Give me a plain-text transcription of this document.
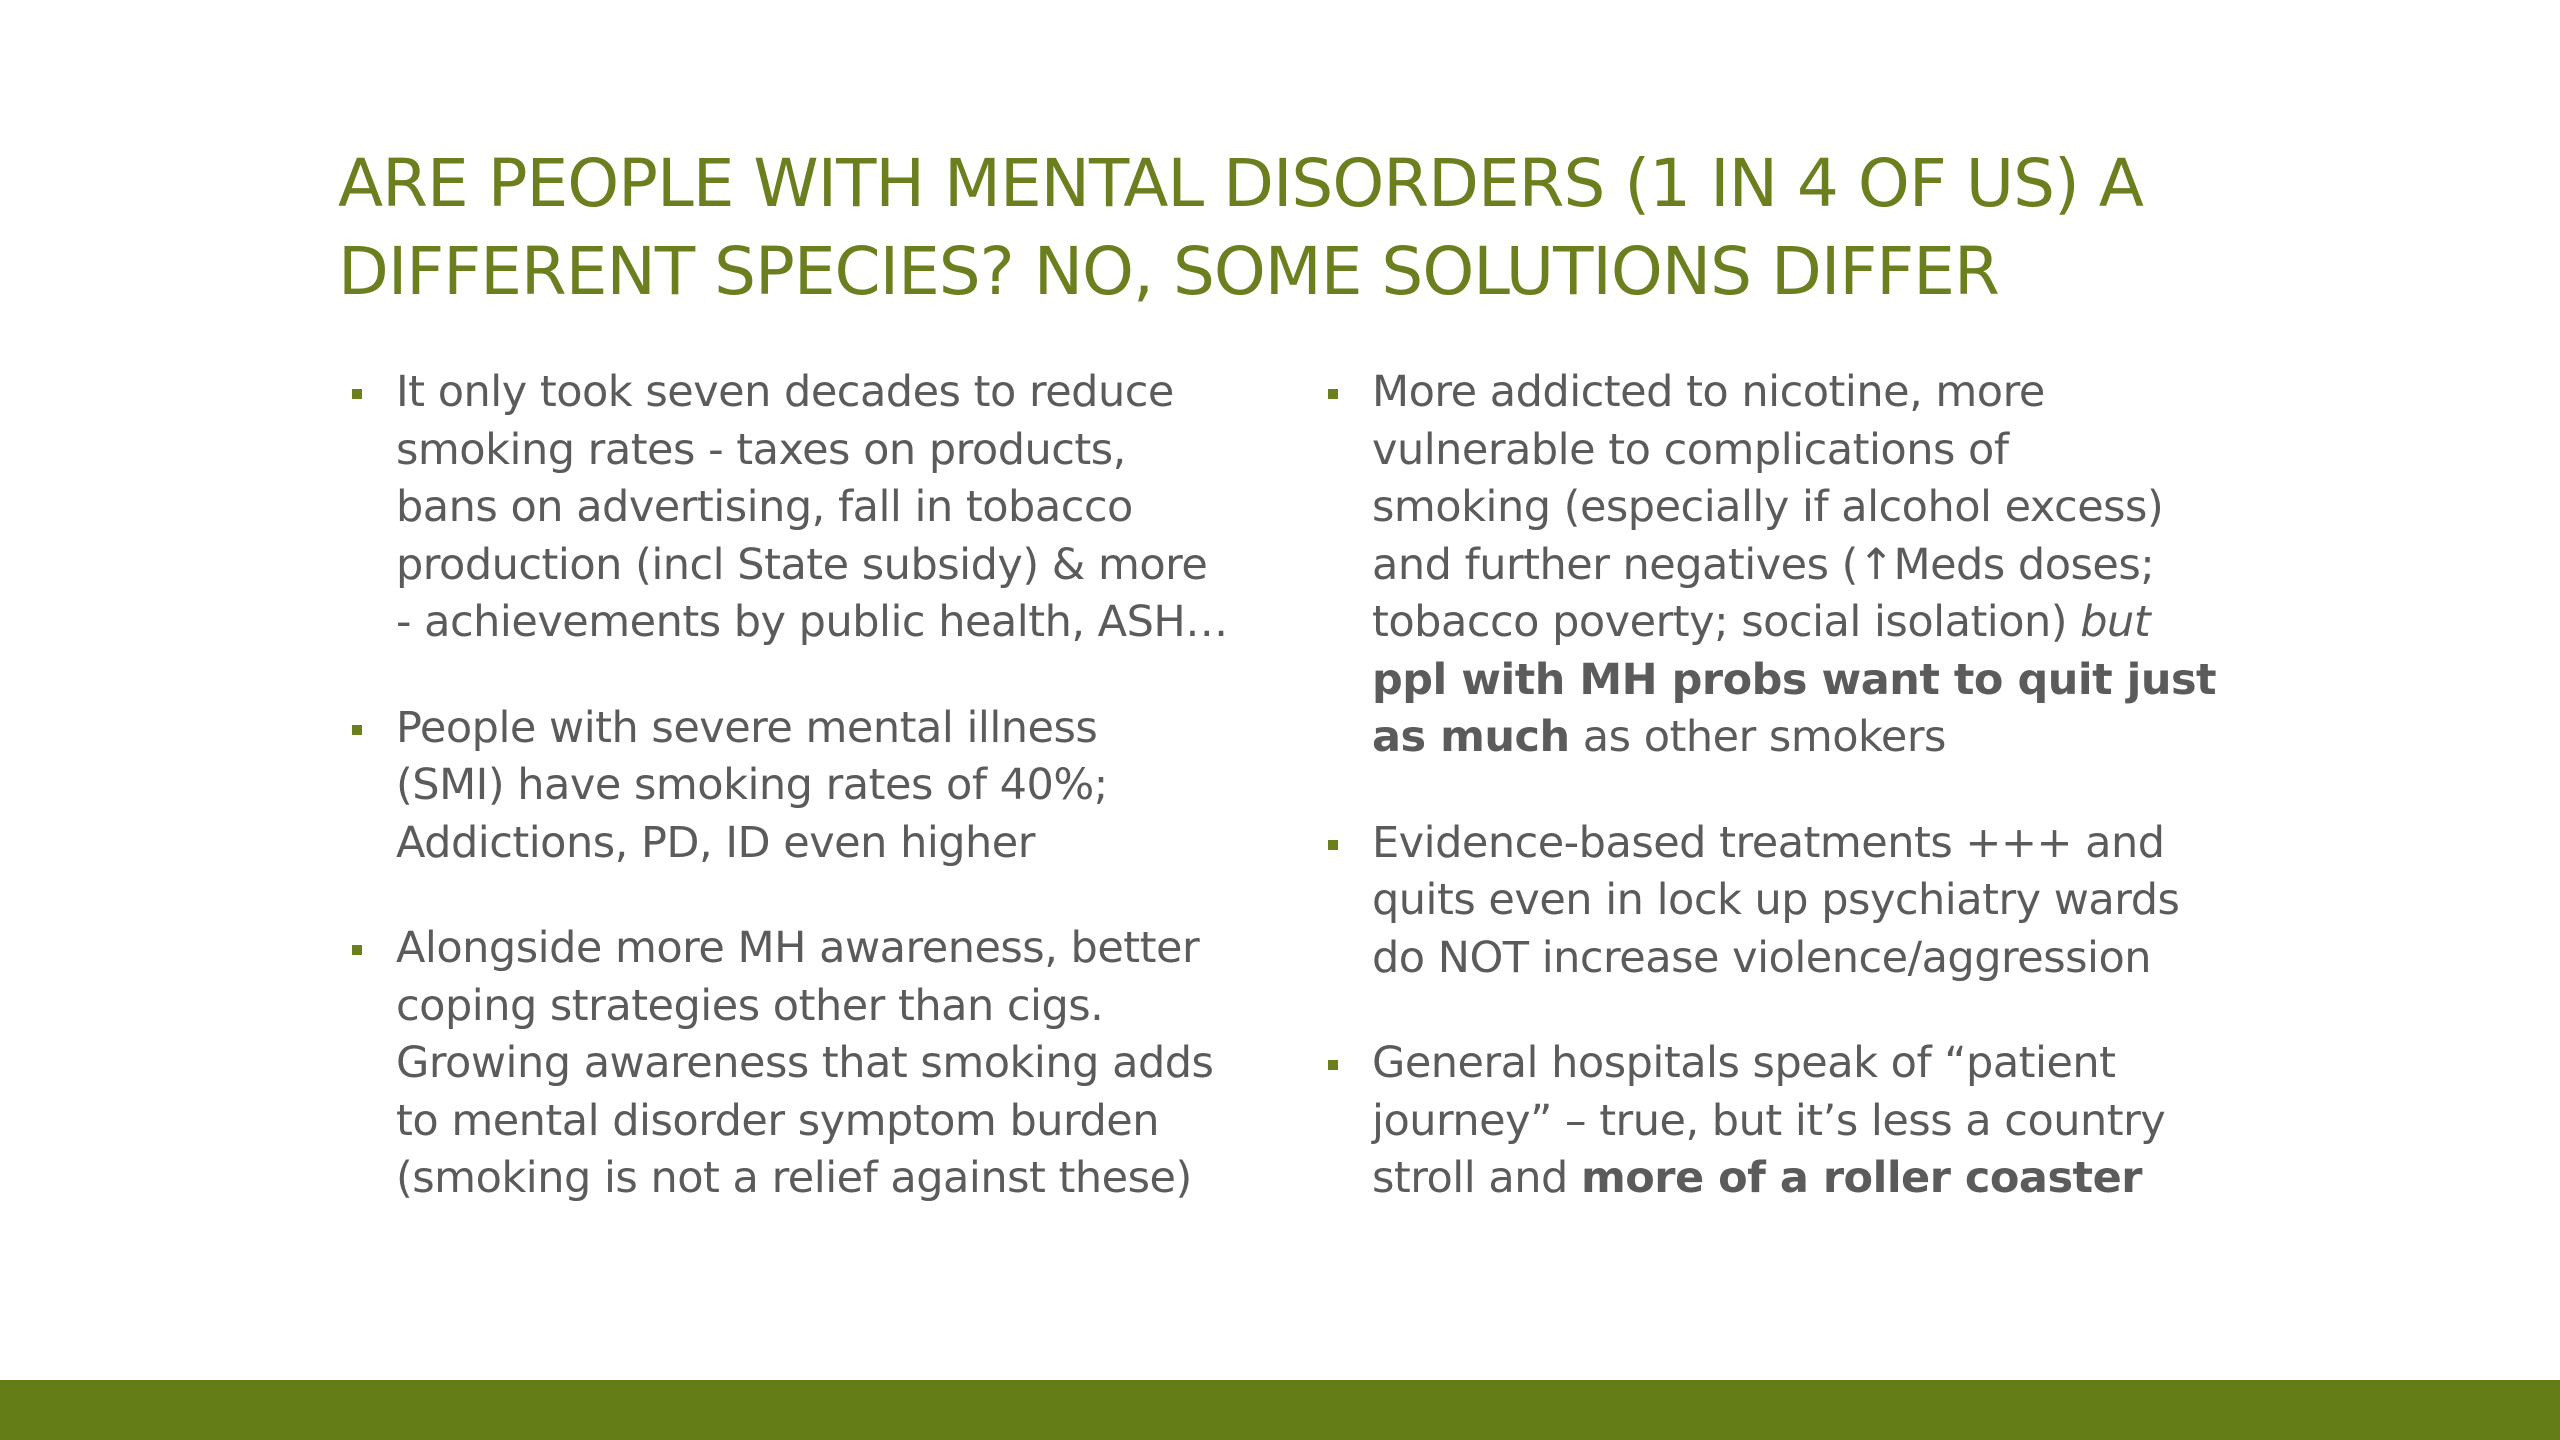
ARE PEOPLE WITH MENTAL DISORDERS (1 IN 4 OF US) A
DIFFERENT SPECIES? NO, SOME SOLUTIONS DIFFER
It only took seven decades to reduce
smoking rates - taxes on products,
bans on advertising, fall in tobacco
production (incl State subsidy) & more
- achievements by public health, ASH…
People with severe mental illness
(SMI) have smoking rates of 40%;
Addictions, PD, ID even higher
Alongside more MH awareness, better
coping strategies other than cigs.
Growing awareness that smoking adds
to mental disorder symptom burden
(smoking is not a relief against these)
More addicted to nicotine, more
vulnerable to complications of
smoking (especially if alcohol excess)
and further negatives (↑Meds doses;
tobacco poverty; social isolation) but
ppl with MH probs want to quit just
as much as other smokers
Evidence-based treatments +++ and
quits even in lock up psychiatry wards
do NOT increase violence/aggression
General hospitals speak of “patient
journey” – true, but it’s less a country
stroll and more of a roller coaster
